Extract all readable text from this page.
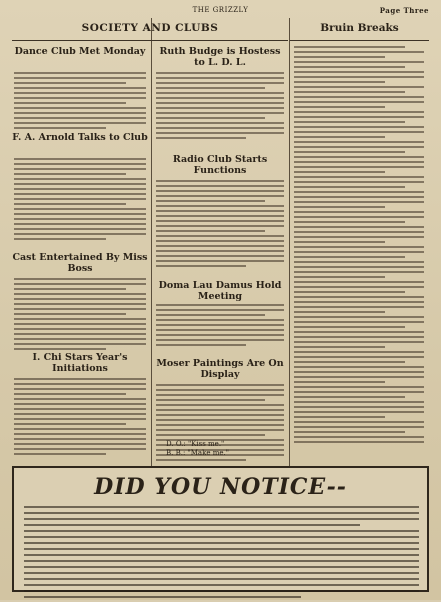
THE GRIZZLY	Page Three
SOCIETY AND CLUBS	Bruin Breaks

Dance Club Met Monday

F. A. Arnold Talks to Club

Cast Entertained By Miss Boss

I. Chi Stars Year's Initiations

Ruth Budge is Hostess to L. D. L.

Radio Club Starts Functions

Doma Lau Damus Hold Meeting

Moser Paintings Are On Display

D. O.: "Kiss me."
B. B.: "Make me."
DID YOU NOTICE--
